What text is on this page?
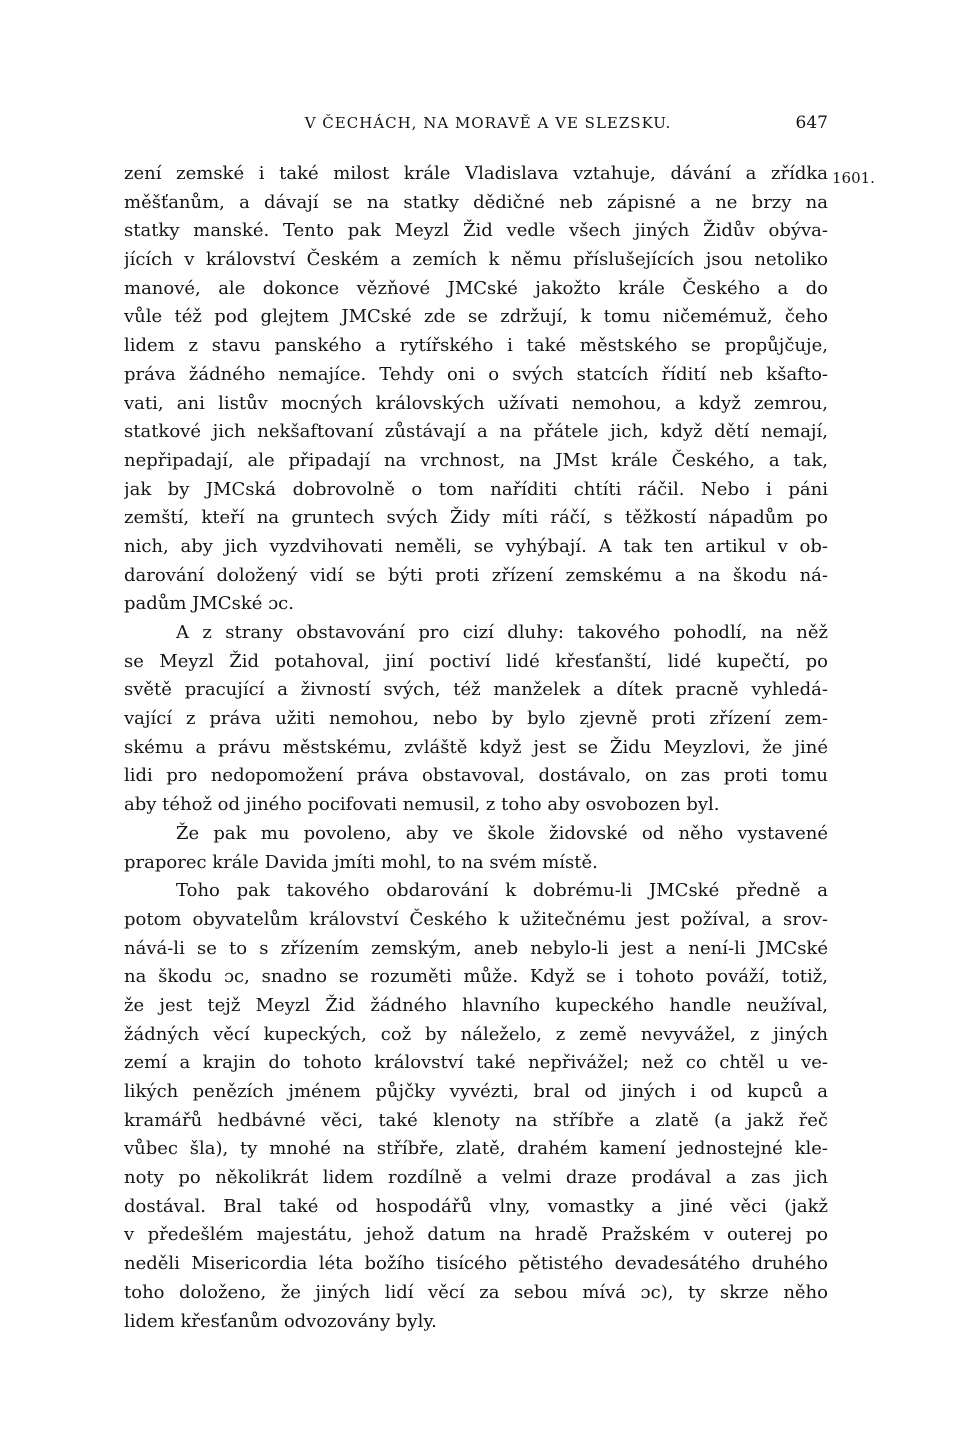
V ČECHÁCH, NA MORAVĚ A VE SLEZSKU.	647
1601.
zení zemské i také milost krále Vladislava vztahuje, dávání a zřídka
měšťanům, a dávají se na statky dědičné neb zápisné a ne brzy na
statky manské. Tento pak Meyzl Žid vedle všech jiných Židův obýva-
jících v království Českém a zemích k němu příslušejících jsou netoliko
manové, ale dokonce vězňové JMCské jakožto krále Českého a do
vůle též pod glejtem JMCské zde se zdržují, k tomu ničemémuž, čeho
lidem z stavu panského a rytířského i také městského se propůjčuje,
práva žádného nemajíce. Tehdy oni o svých statcích řídití neb kšafto-
vati, ani listův mocných královských užívati nemohou, a když zemrou,
statkové jich nekšaftovaní zůstávají a na přátele jich, když dětí nemají,
nepřipadají, ale připadají na vrchnost, na JMst krále Českého, a tak,
jak by JMCská dobrovolně o tom naříditi chtíti ráčil. Nebo i páni
zemští, kteří na gruntech svých Židy míti ráčí, s těžkostí nápadům po
nich, aby jich vyzdvihovati neměli, se vyhýbají. A tak ten artikul v ob-
darování doložený vidí se býti proti zřízení zemskému a na škodu ná-
padům JMCské ɔc.
A z strany obstavování pro cizí dluhy: takového pohodlí, na něž
se Meyzl Žid potahoval, jiní poctiví lidé křesťanští, lidé kupečtí, po
světě pracující a živností svých, též manželek a dítek pracně vyhledá-
vající z práva užiti nemohou, nebo by bylo zjevně proti zřízení zem-
skému a právu městskému, zvláště když jest se Židu Meyzlovi, že jiné
lidi pro nedopomožení práva obstavoval, dostávalo, on zas proti tomu
aby téhož od jiného pocifovati nemusil, z toho aby osvobozen byl.
Že pak mu povoleno, aby ve škole židovské od něho vystavené
praporec krále Davida jmíti mohl, to na svém místě.
Toho pak takového obdarování k dobrému-li JMCské předně a
potom obyvatelům království Českého k užitečnému jest požíval, a srov-
nává-li se to s zřízením zemským, aneb nebylo-li jest a není-li JMCské
na škodu ɔc, snadno se rozuměti může. Když se i tohoto pováží, totiž,
že jest tejž Meyzl Žid žádného hlavního kupeckého handle neužíval,
žádných věcí kupeckých, což by náleželo, z země nevyvážel, z jiných
zemí a krajin do tohoto království také nepřivážel; než co chtěl u ve-
likých penězích jménem půjčky vyvézti, bral od jiných i od kupců a
kramářů hedbávné věci, také klenoty na stříbře a zlatě (a jakž řeč
vůbec šla), ty mnohé na stříbře, zlatě, drahém kamení jednostejné kle-
noty po několikrát lidem rozdílně a velmi draze prodával a zas jich
dostával. Bral také od hospodářů vlny, vomastky a jiné věci (jakž
v předešlém majestátu, jehož datum na hradě Pražském v outerej po
neděli Misericordia léta božího tisícého pětistého devadesátého druhého
toho doloženo, že jiných lidí věcí za sebou mívá ɔc), ty skrze něho
lidem křesťanům odvozovány byly.
